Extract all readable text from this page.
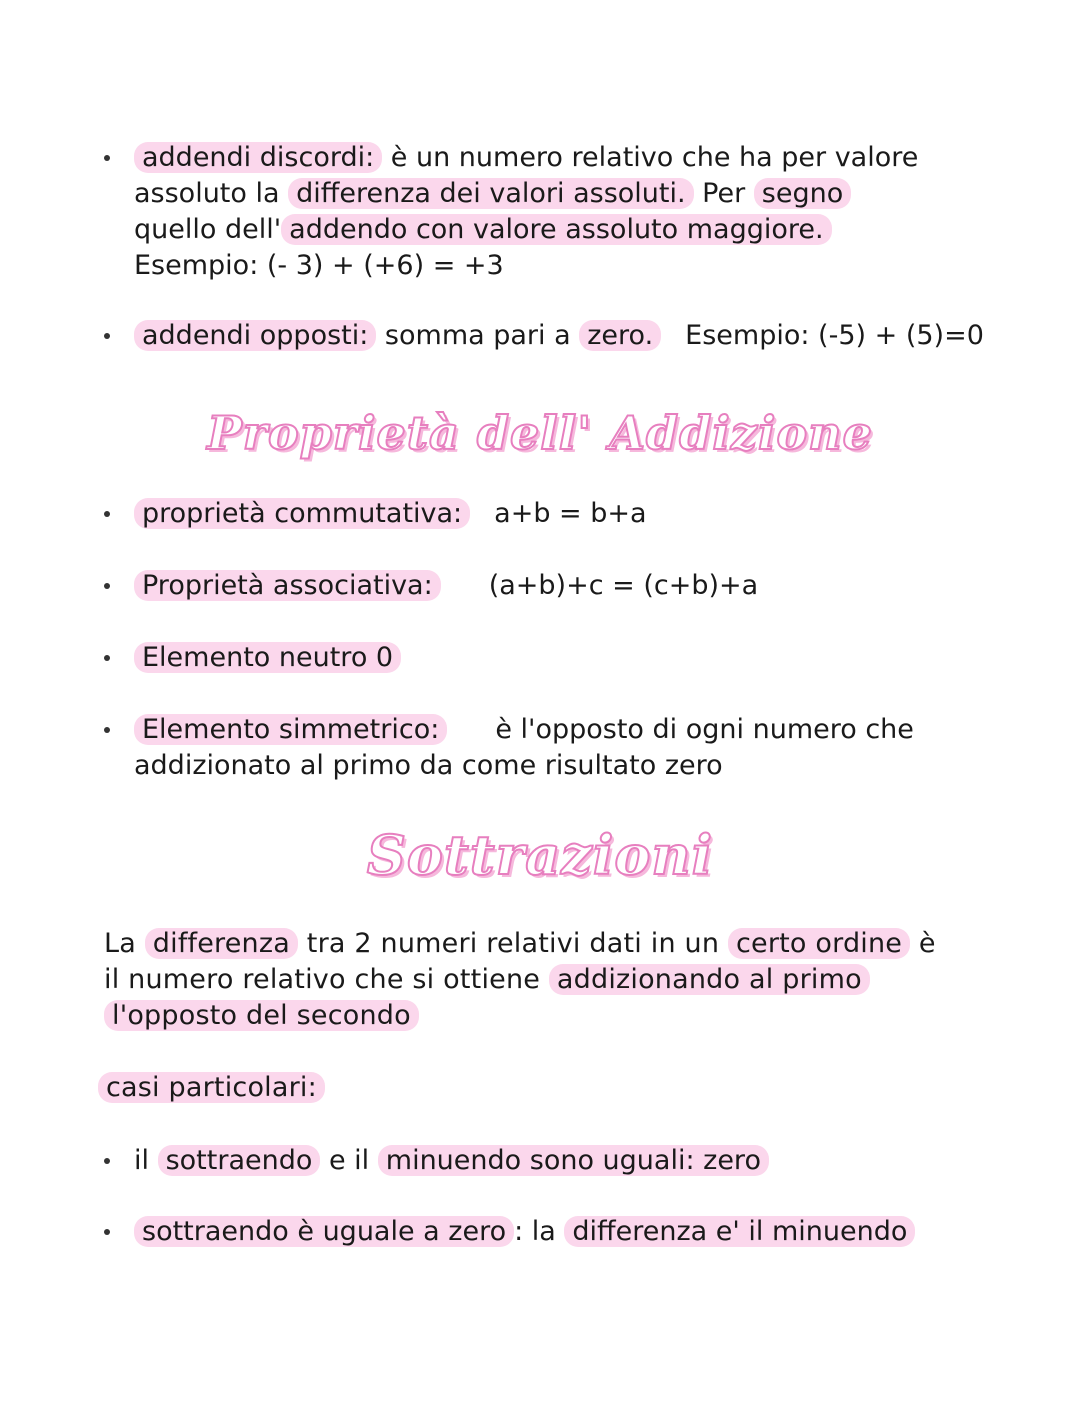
addendi discordi: è un numero relativo che ha per valore
assoluto la differenza dei valori assoluti. Per segno
quello dell' addendo con valore assoluto maggiore.
Esempio: (- 3) + (+6) = +3
addendi opposti: somma pari a zero. Esempio: (-5) + (5)=0
Proprietà dell' Addizione
proprietà commutativa: a+b = b+a
Proprietà associativa: (a+b)+c = (c+b)+a
Elemento neutro 0
Elemento simmetrico: è l'opposto di ogni numero che
addizionato al primo da come risultato zero
Sottrazioni
La differenza tra 2 numeri relativi dati in un certo ordine è
il numero relativo che si ottiene addizionando al primo
l'opposto del secondo
casi particolari:
il sottraendo e il minuendo sono uguali: zero
sottraendo è uguale a zero : la differenza e' il minuendo
